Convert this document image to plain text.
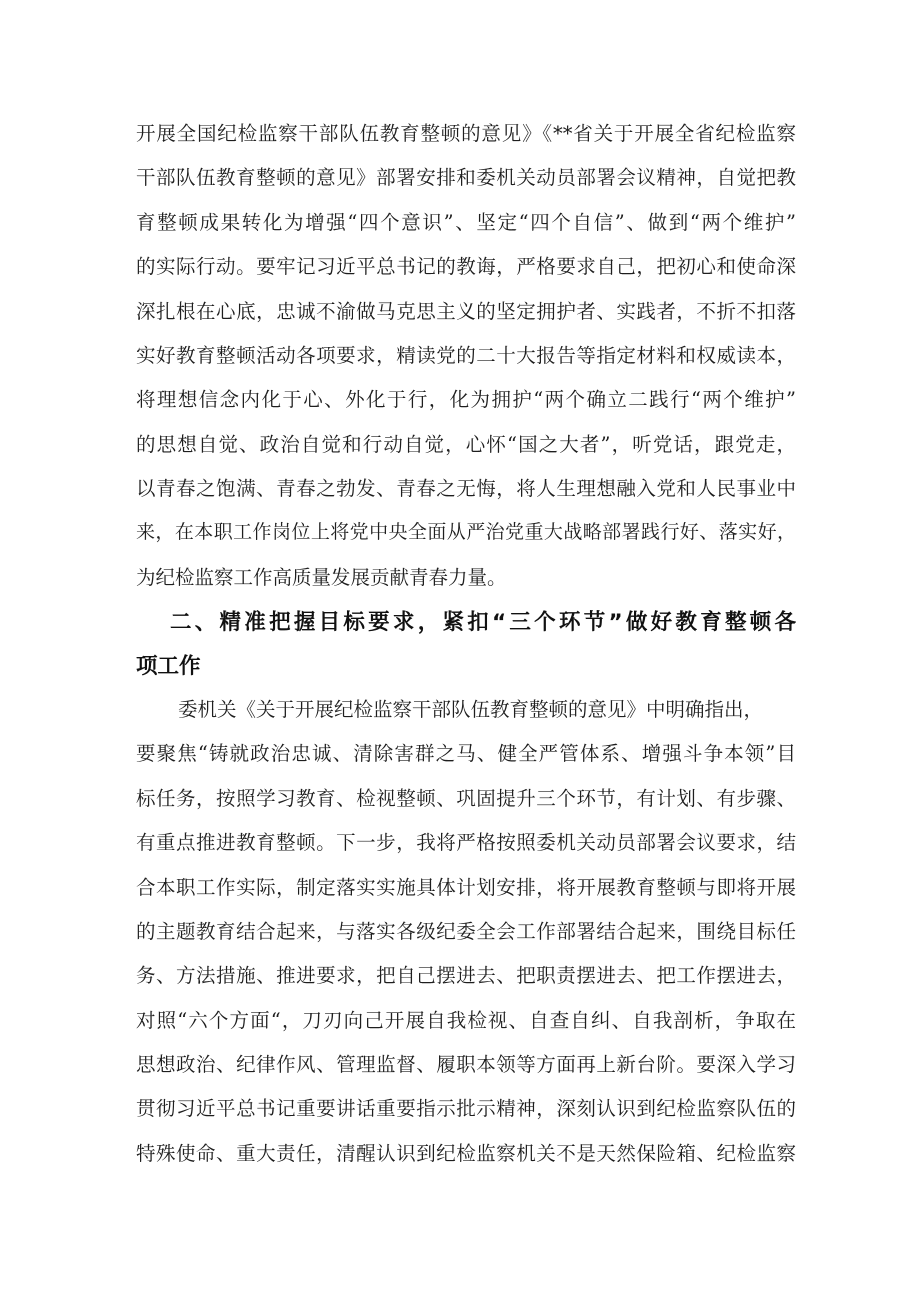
开展全国纪检监察干部队伍教育整顿的意见》《**省关于开展全省纪检监察
干部队伍教育整顿的意见》部署安排和委机关动员部署会议精神，自觉把教
育整顿成果转化为增强“四个意识”、坚定“四个自信”、做到“两个维护”
的实际行动。要牢记习近平总书记的教诲，严格要求自己，把初心和使命深
深扎根在心底，忠诚不渝做马克思主义的坚定拥护者、实践者，不折不扣落
实好教育整顿活动各项要求，精读党的二十大报告等指定材料和权威读本，
将理想信念内化于心、外化于行，化为拥护“两个确立二践行“两个维护”
的思想自觉、政治自觉和行动自觉，心怀“国之大者”，听党话，跟党走，
以青春之饱满、青春之勃发、青春之无悔，将人生理想融入党和人民事业中
来，在本职工作岗位上将党中央全面从严治党重大战略部署践行好、落实好，
为纪检监察工作高质量发展贡献青春力量。
二、精准把握目标要求，紧扣“三个环节”做好教育整顿各
项工作
委机关《关于开展纪检监察干部队伍教育整顿的意见》中明确指出，
要聚焦“铸就政治忠诚、清除害群之马、健全严管体系、增强斗争本领”目
标任务，按照学习教育、检视整顿、巩固提升三个环节，有计划、有步骤、
有重点推进教育整顿。下一步，我将严格按照委机关动员部署会议要求，结
合本职工作实际，制定落实实施具体计划安排，将开展教育整顿与即将开展
的主题教育结合起来，与落实各级纪委全会工作部署结合起来，围绕目标任
务、方法措施、推进要求，把自己摆进去、把职责摆进去、把工作摆进去，
对照“六个方面“，刀刃向己开展自我检视、自查自纠、自我剖析，争取在
思想政治、纪律作风、管理监督、履职本领等方面再上新台阶。要深入学习
贯彻习近平总书记重要讲话重要指示批示精神，深刻认识到纪检监察队伍的
特殊使命、重大责任，清醒认识到纪检监察机关不是天然保险箱、纪检监察
